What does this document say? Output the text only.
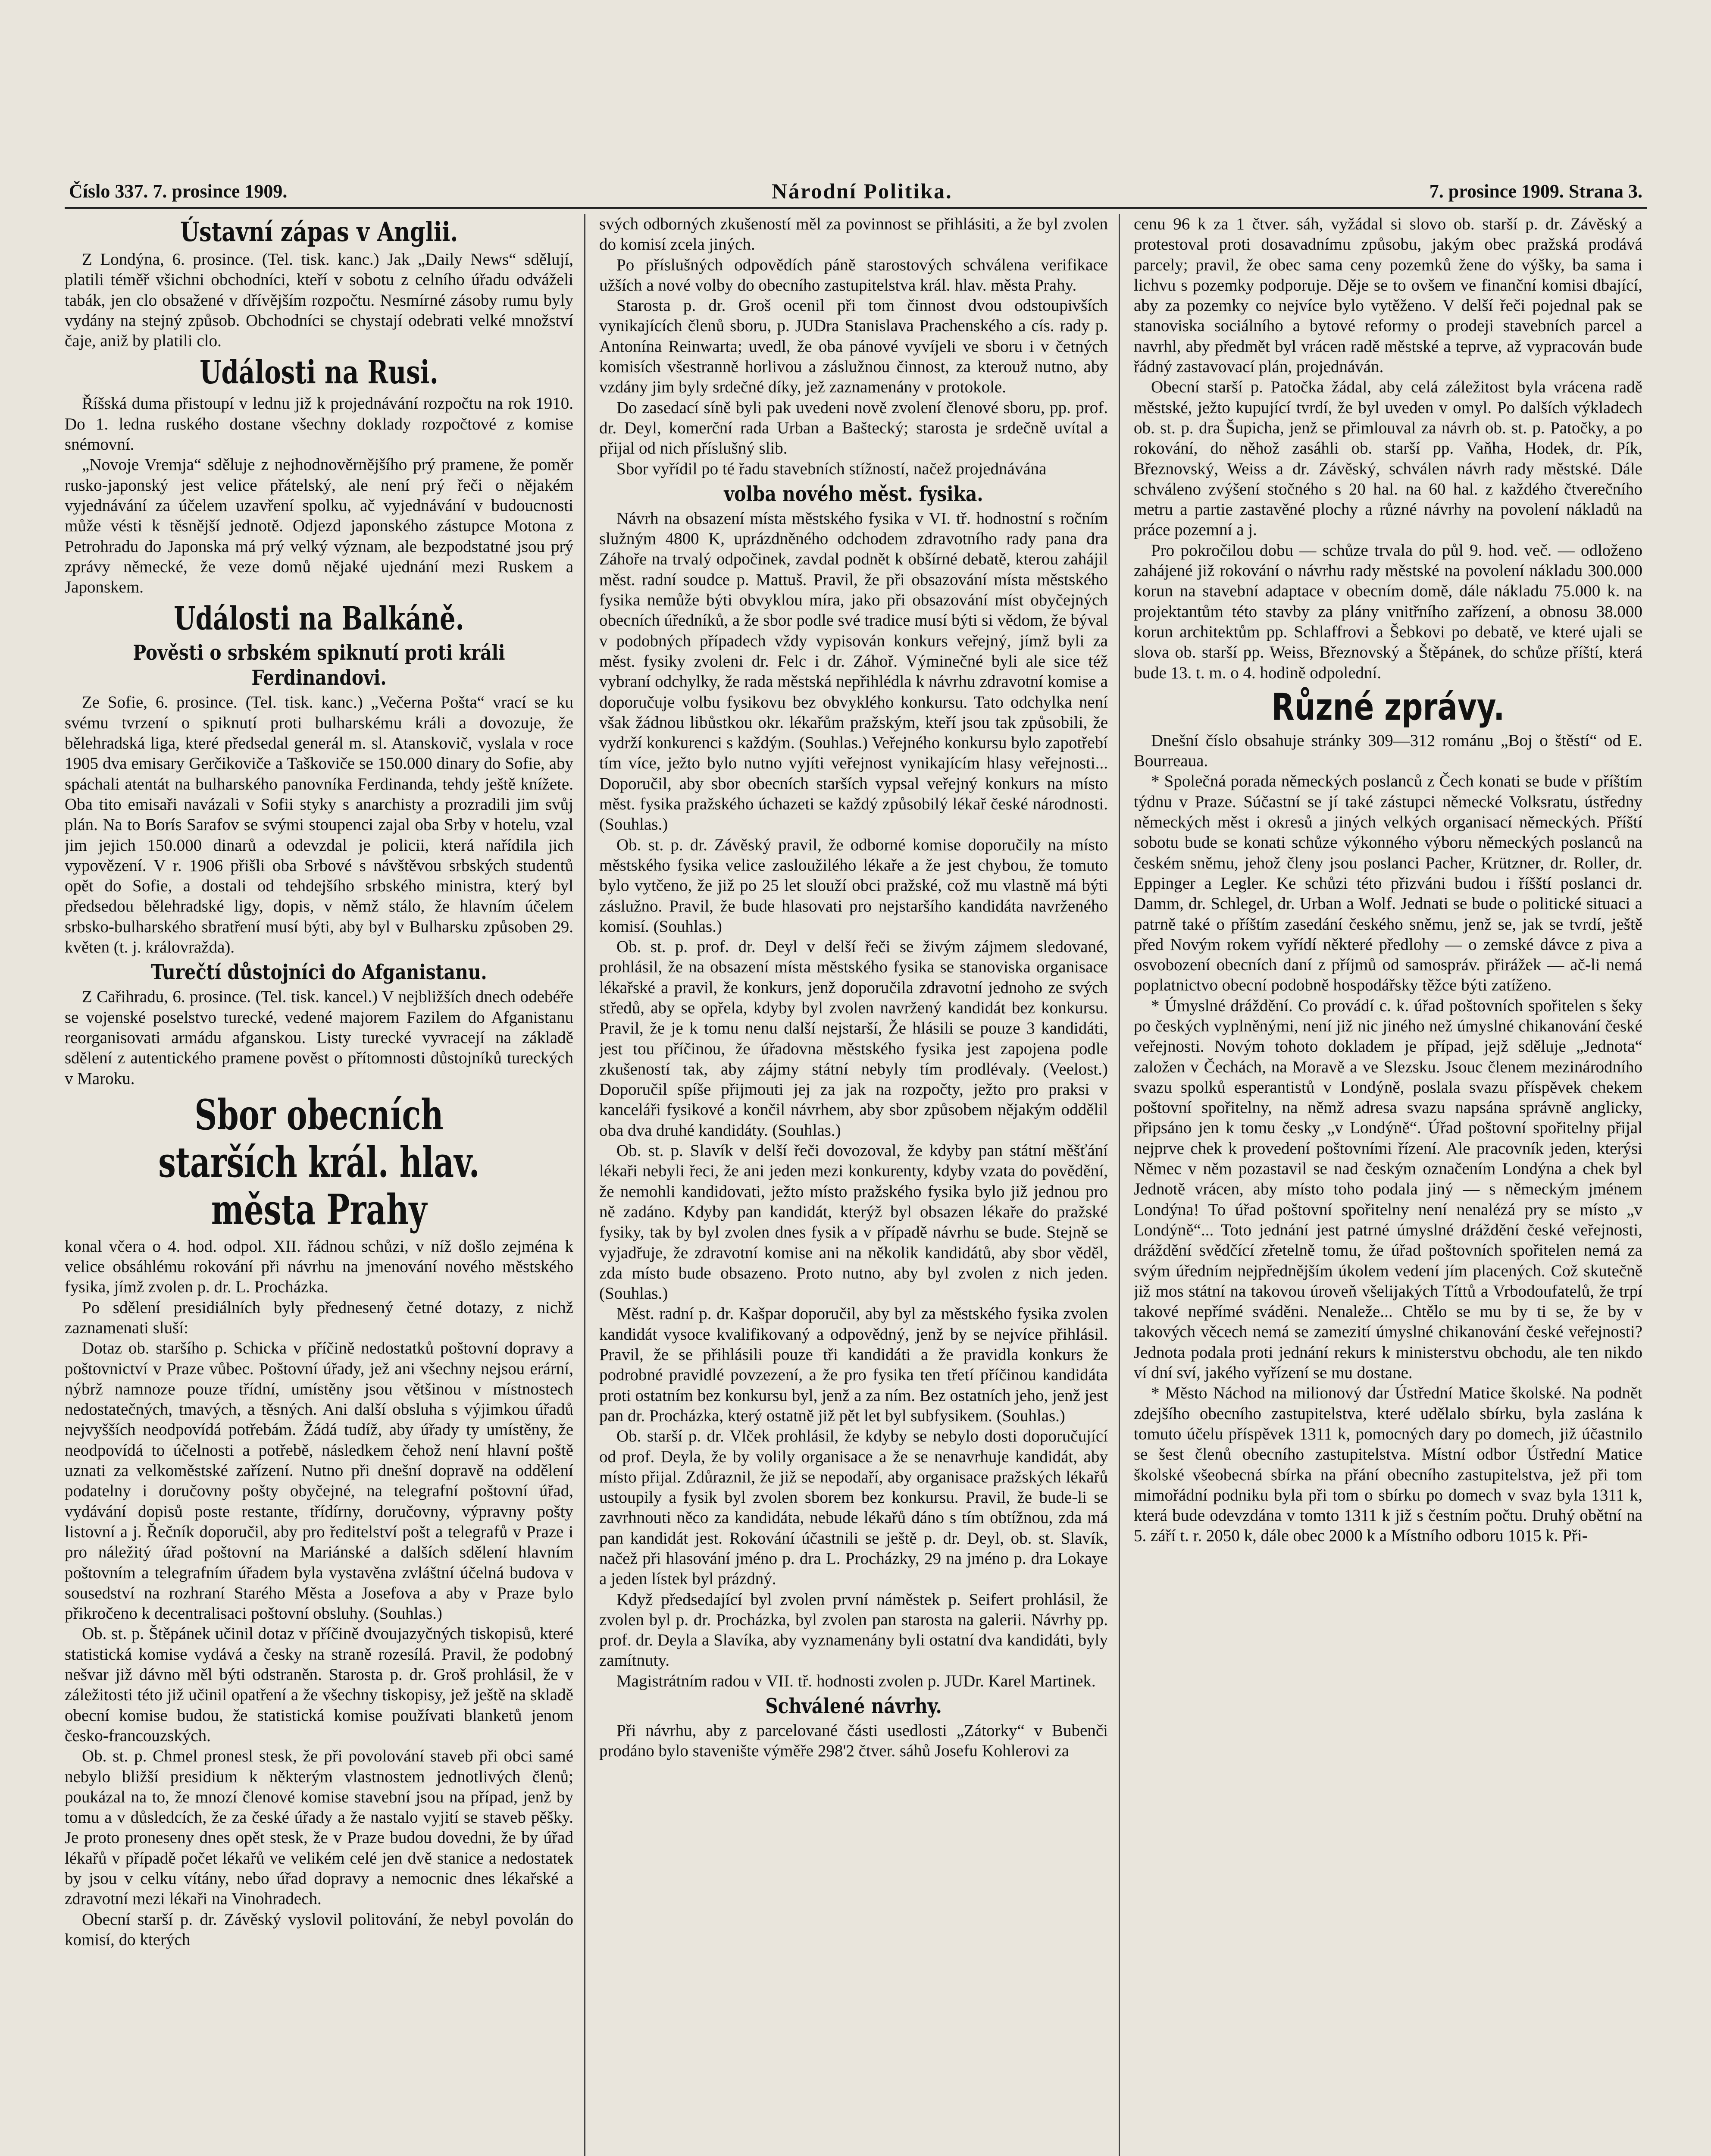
Číslo 337. 7. prosince 1909.	Národní Politika.	7. prosince 1909. Strana 3.
Ústavní zápas v Anglii.

Z Londýna, 6. prosince. (Tel. tisk. kanc.) Jak „Daily News“ sdělují, platili téměř všichni obchodníci, kteří v sobotu z celního úřadu odváželi tabák, jen clo obsažené v dřívějším rozpočtu. Nesmírné zásoby rumu byly vydány na stejný způsob. Obchodníci se chystají odebrati velké množství čaje, aniž by platili clo.

Události na Rusi.

Říšská duma přistoupí v lednu již k projednávání rozpočtu na rok 1910. Do 1. ledna ruského dostane všechny doklady rozpočtové z komise snémovní.

„Novoje Vremja“ sděluje z nejhodnověrnějšího prý pramene, že poměr rusko-japonský jest velice přátelský, ale není prý řeči o nějakém vyjednávání za účelem uzavření spolku, ač vyjednávání v budoucnosti může vésti k těsnější jednotě. Odjezd japonského zástupce Motona z Petrohradu do Japonska má prý velký význam, ale bezpodstatné jsou prý zprávy německé, že veze domů nějaké ujednání mezi Ruskem a Japonskem.

Události na Balkáně.
Pověsti o srbském spiknutí proti králi Ferdinandovi.

Ze Sofie, 6. prosince. (Tel. tisk. kanc.) „Večerna Pošta“ vrací se ku svému tvrzení o spiknutí proti bulharskému králi a dovozuje, že bělehradská liga, které předsedal generál m. sl. Atanskovič, vyslala v roce 1905 dva emisary Gerčikoviče a Taškoviče se 150.000 dinary do Sofie, aby spáchali atentát na bulharského panovníka Ferdinanda, tehdy ještě knížete. Oba tito emisaři navázali v Sofii styky s anarchisty a prozradili jim svůj plán. Na to Borís Sarafov se svými stoupenci zajal oba Srby v hotelu, vzal jim jejich 150.000 dinarů a odevzdal je policii, která nařídila jich vypovězení. V r. 1906 přišli oba Srbové s návštěvou srbských studentů opět do Sofie, a dostali od tehdejšího srbského ministra, který byl předsedou bělehradské ligy, dopis, v němž stálo, že hlavním účelem srbsko-bulharského sbratření musí býti, aby byl v Bulharsku způsoben 29. květen (t. j. královražda).

Turečtí důstojníci do Afganistanu.

Z Cařihradu, 6. prosince. (Tel. tisk. kancel.) V nejbližších dnech odebéře se vojenské poselstvo turecké, vedené majorem Fazilem do Afganistanu reorganisovati armádu afganskou. Listy turecké vyvracejí na základě sdělení z autentického pramene pověst o přítomnosti důstojníků tureckých v Maroku.

Sbor obecních starších král. hlav. města Prahy

konal včera o 4. hod. odpol. XII. řádnou schůzi, v níž došlo zejména k velice obsáhlému rokování při návrhu na jmenování nového městského fysika, jímž zvolen p. dr. L. Procházka.

Po sdělení presidiálních byly přednesený četné dotazy, z nichž zaznamenati sluší:

Dotaz ob. staršího p. Schicka v příčině nedostatků poštovní dopravy a poštovnictví v Praze vůbec. Poštovní úřady, jež ani všechny nejsou erární, nýbrž namnoze pouze třídní, umístěny jsou většinou v místnostech nedostatečných, tmavých, a těsných. Ani další obsluha s výjimkou úřadů nejvyšších neodpovídá potřebám. Žádá tudíž, aby úřady ty umístěny, že neodpovídá to účelnosti a potřebě, následkem čehož není hlavní poště uznati za velkoměstské zařízení. Nutno při dnešní dopravě na oddělení podatelny i doručovny pošty obyčejné, na telegrafní poštovní úřad, vydávání dopisů poste restante, třídírny, doručovny, výpravny pošty listovní a j. Řečník doporučil, aby pro ředitelství pošt a telegrafů v Praze i pro náležitý úřad poštovní na Mariánské a dalších sdělení hlavním poštovním a telegrafním úřadem byla vystavěna zvláštní účelná budova v sousedství na rozhraní Starého Města a Josefova a aby v Praze bylo přikročeno k decentralisaci poštovní obsluhy. (Souhlas.)

Ob. st. p. Štěpánek učinil dotaz v příčině dvoujazyčných tiskopisů, které statistická komise vydává a česky na straně rozesílá. Pravil, že podobný nešvar již dávno měl býti odstraněn. Starosta p. dr. Groš prohlásil, že v záležitosti této již učinil opatření a že všechny tiskopisy, jež ještě na skladě obecní komise budou, že statistická komise používati blanketů jenom česko-francouzských.

Ob. st. p. Chmel pronesl stesk, že při povolování staveb při obci samé nebylo bližší presidium k některým vlastnostem jednotlivých členů; poukázal na to, že mnozí členové komise stavební jsou na případ, jenž by tomu a v důsledcích, že za české úřady a že nastalo vyjití se staveb pěšky. Je proto proneseny dnes opět stesk, že v Praze budou dovedni, že by úřad lékařů v případě počet lékařů ve velikém celé jen dvě stanice a nedostatek by jsou v celku vítány, nebo úřad dopravy a nemocnic dnes lékařské a zdravotní mezi lékaři na Vinohradech.

Obecní starší p. dr. Závěský vyslovil politování, že nebyl povolán do komisí, do kterých

svých odborných zkušeností měl za povinnost se přihlásiti, a že byl zvolen do komisí zcela jiných.

Po příslušných odpovědích páně starostových schválena verifikace užších a nové volby do obecního zastupitelstva král. hlav. města Prahy.

Starosta p. dr. Groš ocenil při tom činnost dvou odstoupivších vynikajících členů sboru, p. JUDra Stanislava Prachenského a cís. rady p. Antonína Reinwarta; uvedl, že oba pánové vyvíjeli ve sboru i v četných komisích všestranně horlivou a záslužnou činnost, za kterouž nutno, aby vzdány jim byly srdečné díky, jež zaznamenány v protokole.

Do zasedací síně byli pak uvedeni nově zvolení členové sboru, pp. prof. dr. Deyl, komerční rada Urban a Baštecký; starosta je srdečně uvítal a přijal od nich příslušný slib.

Sbor vyřídil po té řadu stavebních stížností, načež projednávána

volba nového měst. fysika.

Návrh na obsazení místa městského fysika v VI. tř. hodnostní s ročním služným 4800 K, uprázdněného odchodem zdravotního rady pana dra Záhoře na trvalý odpočinek, zavdal podnět k obšírné debatě, kterou zahájil měst. radní soudce p. Mattuš. Pravil, že při obsazování místa městského fysika nemůže býti obvyklou míra, jako při obsazování míst obyčejných obecních úředníků, a že sbor podle své tradice musí býti si vědom, že býval v podobných případech vždy vypisován konkurs veřejný, jímž byli za měst. fysiky zvoleni dr. Felc i dr. Záhoř. Výminečné byli ale sice též vybraní odchylky, že rada městská nepřihlédla k návrhu zdravotní komise a doporučuje volbu fysikovu bez obvyklého konkursu. Tato odchylka není však žádnou libůstkou okr. lékařům pražským, kteří jsou tak způsobili, že vydrží konkurenci s každým. (Souhlas.) Veřejného konkursu bylo zapotřebí tím více, ježto bylo nutno vyjíti veřejnost vynikajícím hlasy veřejnosti... Doporučil, aby sbor obecních starších vypsal veřejný konkurs na místo měst. fysika pražského úchazeti se každý způsobilý lékař české národnosti. (Souhlas.)

Ob. st. p. dr. Závěský pravil, že odborné komise doporučily na místo městského fysika velice zasloužilého lékaře a že jest chybou, že tomuto bylo vytčeno, že již po 25 let slouží obci pražské, což mu vlastně má býti záslužno. Pravil, že bude hlasovati pro nejstaršího kandidáta navrženého komisí. (Souhlas.)

Ob. st. p. prof. dr. Deyl v delší řeči se živým zájmem sledované, prohlásil, že na obsazení místa městského fysika se stanoviska organisace lékařské a pravil, že konkurs, jenž doporučila zdravotní jednoho ze svých středů, aby se opřela, kdyby byl zvolen navržený kandidát bez konkursu. Pravil, že je k tomu nenu další nejstarší, Že hlásili se pouze 3 kandidáti, jest tou příčinou, že úřadovna městského fysika jest zapojena podle zkušeností tak, aby zájmy státní nebyly tím prodlévaly. (Veelost.) Doporučil spíše přijmouti jej za jak na rozpočty, ježto pro praksi v kanceláři fysikové a končil návrhem, aby sbor způsobem nějakým oddělil oba dva druhé kandidáty. (Souhlas.)

Ob. st. p. Slavík v delší řeči dovozoval, že kdyby pan státní měšťání lékaři nebyli řeci, že ani jeden mezi konkurenty, kdyby vzata do povědění, že nemohli kandidovati, ježto místo pražského fysika bylo již jednou pro ně zadáno. Kdyby pan kandidát, kterýž byl obsazen lékaře do pražské fysiky, tak by byl zvolen dnes fysik a v případě návrhu se bude. Stejně se vyjadřuje, že zdravotní komise ani na několik kandidátů, aby sbor věděl, zda místo bude obsazeno. Proto nutno, aby byl zvolen z nich jeden. (Souhlas.)

Měst. radní p. dr. Kašpar doporučil, aby byl za městského fysika zvolen kandidát vysoce kvalifikovaný a odpovědný, jenž by se nejvíce přihlásil. Pravil, že se přihlásili pouze tři kandidáti a že pravidla konkurs že podrobné pravidlé povzezení, a že pro fysika ten třetí příčinou kandidáta proti ostatním bez konkursu byl, jenž a za ním. Bez ostatních jeho, jenž jest pan dr. Procházka, který ostatně již pět let byl subfysikem. (Souhlas.)

Ob. starší p. dr. Vlček prohlásil, že kdyby se nebylo dosti doporučující od prof. Deyla, že by volily organisace a že se nenavrhuje kandidát, aby místo přijal. Zdůraznil, že již se nepodaří, aby organisace pražských lékařů ustoupily a fysik byl zvolen sborem bez konkursu. Pravil, že bude-li se zavrhnouti něco za kandidáta, nebude lékařů dáno s tím obtížnou, zda má pan kandidát jest. Rokování účastnili se ještě p. dr. Deyl, ob. st. Slavík, načež při hlasování jméno p. dra L. Procházky, 29 na jméno p. dra Lokaye a jeden lístek byl prázdný.

Když předsedající byl zvolen první náměstek p. Seifert prohlásil, že zvolen byl p. dr. Procházka, byl zvolen pan starosta na galerii. Návrhy pp. prof. dr. Deyla a Slavíka, aby vyznamenány byli ostatní dva kandidáti, byly zamítnuty.

Magistrátním radou v VII. tř. hodnosti zvolen p. JUDr. Karel Martinek.

Schválené návrhy.

Při návrhu, aby z parcelované části usedlosti „Zátorky“ v Bubenči prodáno bylo stavenište výměře 298'2 čtver. sáhů Josefu Kohlerovi za

cenu 96 k za 1 čtver. sáh, vyžádal si slovo ob. starší p. dr. Závěský a protestoval proti dosavadnímu způsobu, jakým obec pražská prodává parcely; pravil, že obec sama ceny pozemků žene do výšky, ba sama i lichvu s pozemky podporuje. Děje se to ovšem ve finanční komisi dbající, aby za pozemky co nejvíce bylo vytěženo. V delší řeči pojednal pak se stanoviska sociálního a bytové reformy o prodeji stavebních parcel a navrhl, aby předmět byl vrácen radě městské a teprve, až vypracován bude řádný zastavovací plán, projednáván.

Obecní starší p. Patočka žádal, aby celá záležitost byla vrácena radě městské, ježto kupující tvrdí, že byl uveden v omyl. Po dalších výkladech ob. st. p. dra Šupicha, jenž se přimlouval za návrh ob. st. p. Patočky, a po rokování, do něhož zasáhli ob. starší pp. Vaňha, Hodek, dr. Pík, Březnovský, Weiss a dr. Závěský, schválen návrh rady městské. Dále schváleno zvýšení stočného s 20 hal. na 60 hal. z každého čtverečního metru a partie zastavěné plochy a různé návrhy na povolení nákladů na práce pozemní a j.

Pro pokročilou dobu — schůze trvala do půl 9. hod. več. — odloženo zahájené již rokování o návrhu rady městské na povolení nákladu 300.000 korun na stavební adaptace v obecním domě, dále nákladu 75.000 k. na projektantům této stavby za plány vnitřního zařízení, a obnosu 38.000 korun architektům pp. Schlaffrovi a Šebkovi po debatě, ve které ujali se slova ob. starší pp. Weiss, Březnovský a Štěpánek, do schůze příští, která bude 13. t. m. o 4. hodině odpolední.

Různé zprávy.

Dnešní číslo obsahuje stránky 309—312 románu „Boj o štěstí“ od E. Bourreaua.

* Společná porada německých poslanců z Čech konati se bude v příštím týdnu v Praze. Súčastní se jí také zástupci německé Volksratu, ústředny německých měst i okresů a jiných velkých organisací německých. Příští sobotu bude se konati schůze výkonného výboru německých poslanců na českém sněmu, jehož členy jsou poslanci Pacher, Krützner, dr. Roller, dr. Eppinger a Legler. Ke schůzi této přizváni budou i říšští poslanci dr. Damm, dr. Schlegel, dr. Urban a Wolf. Jednati se bude o politické situaci a patrně také o příštím zasedání českého sněmu, jenž se, jak se tvrdí, ještě před Novým rokem vyřídí některé předlohy — o zemské dávce z piva a osvobození obecních daní z příjmů od samospráv. přirážek — ač-li nemá poplatnictvo obecní podobně hospodářsky těžce býti zatíženo.

* Úmyslné dráždění. Co provádí c. k. úřad poštovních spořitelen s šeky po českých vyplněnými, není již nic jiného než úmyslné chikanování české veřejnosti. Novým tohoto dokladem je případ, jejž sděluje „Jednota“ založen v Čechách, na Moravě a ve Slezsku. Jsouc členem mezinárodního svazu spolků esperantistů v Londýně, poslala svazu příspěvek chekem poštovní spořitelny, na němž adresa svazu napsána správně anglicky, připsáno jen k tomu česky „v Londýně“. Úřad poštovní spořitelny přijal nejprve chek k provedení poštovními řízení. Ale pracovník jeden, kterýsi Němec v něm pozastavil se nad českým označením Londýna a chek byl Jednotě vrácen, aby místo toho podala jiný — s německým jménem Londýna! To úřad poštovní spořitelny není nenalézá pry se místo „v Londýně“... Toto jednání jest patrné úmyslné dráždění české veřejnosti, dráždění svědčící zřetelně tomu, že úřad poštovních spořitelen nemá za svým úředním nejpřednějším úkolem vedení jím placených. Což skutečně již mos státní na takovou úroveň všelijakých Títtů a Vrbodoufatelů, že trpí takové nepřímé sváděni. Nenaleže... Chtělo se mu by ti se, že by v takových věcech nemá se zamezití úmyslné chikanování české veřejnosti? Jednota podala proti jednání rekurs k ministerstvu obchodu, ale ten nikdo ví dní sví, jakého vyřízení se mu dostane.

* Město Náchod na milionový dar Ústřední Matice školské. Na podnět zdejšího obecního zastupitelstva, které udělalo sbírku, byla zaslána k tomuto účelu příspěvek 1311 k, pomocných dary po domech, již účastnilo se šest členů obecního zastupitelstva. Místní odbor Ústřední Matice školské všeobecná sbírka na přání obecního zastupitelstva, jež při tom mimořádní podniku byla při tom o sbírku po domech v svaz byla 1311 k, která bude odevzdána v tomto 1311 k již s čestním počtu. Druhý obětní na 5. září t. r. 2050 k, dále obec 2000 k a Místního odboru 1015 k. Při-
